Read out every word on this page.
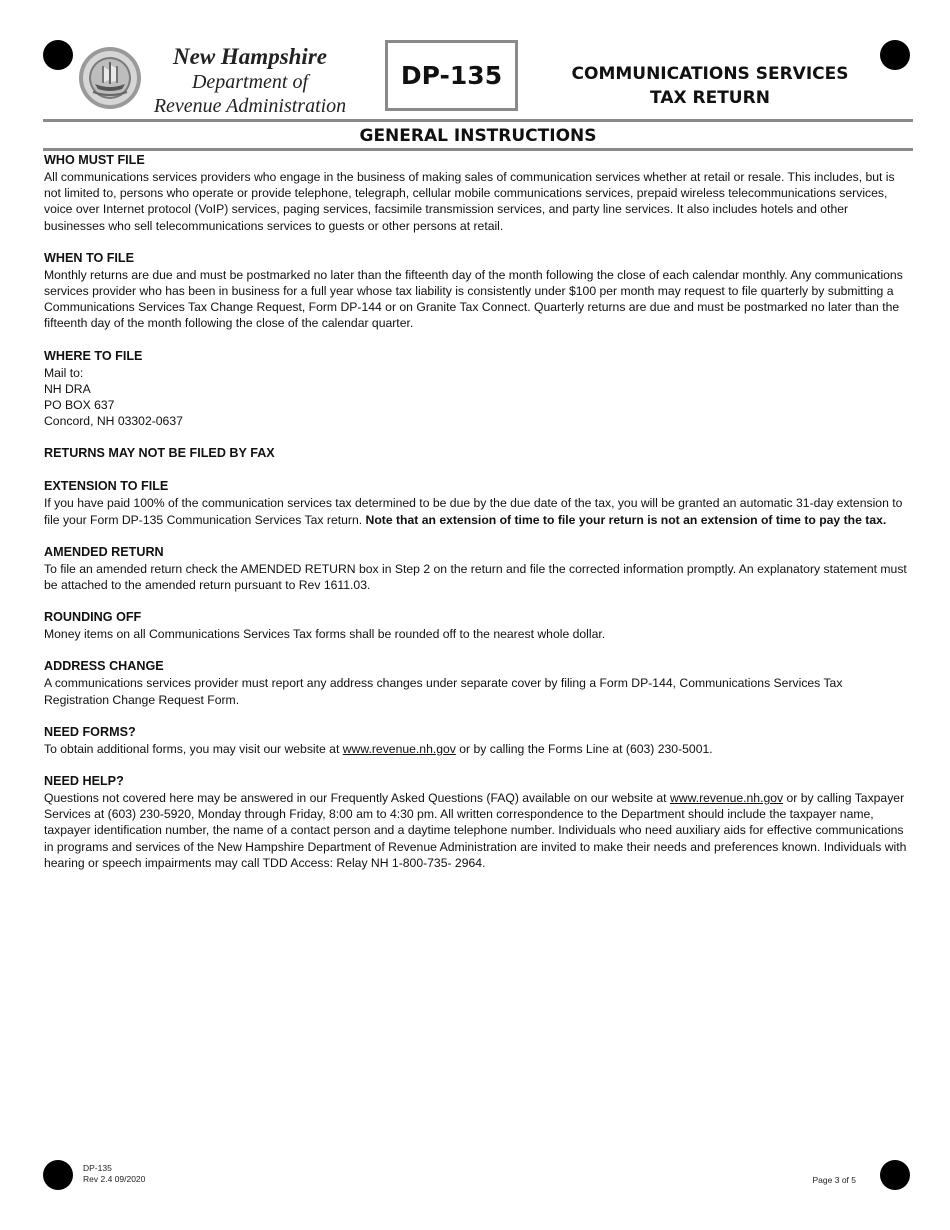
New Hampshire
Department of
Revenue Administration
DP-135	COMMUNICATIONS SERVICES
TAX RETURN
GENERAL INSTRUCTIONS
WHO MUST FILE

All communications services providers who engage in the business of making sales of communication services whether at retail or resale. This includes, but is not limited to, persons who operate or provide telephone, telegraph, cellular mobile communications services, prepaid wireless telecommunications services, voice over Internet protocol (VoIP) services, paging services, facsimile transmission services, and party line services. It also includes hotels and other businesses who sell telecommunications services to guests or other persons at retail.

WHEN TO FILE

Monthly returns are due and must be postmarked no later than the fifteenth day of the month following the close of each calendar monthly. Any communications services provider who has been in business for a full year whose tax liability is consistently under $100 per month may request to file quarterly by submitting a Communications Services Tax Change Request, Form DP-144 or on Granite Tax Connect. Quarterly returns are due and must be postmarked no later than the fifteenth day of the month following the close of the calendar quarter.

WHERE TO FILE
Mail to:
NH DRA
PO BOX 637
Concord, NH 03302-0637
RETURNS MAY NOT BE FILED BY FAX
EXTENSION TO FILE

If you have paid 100% of the communication services tax determined to be due by the due date of the tax, you will be granted an automatic 31-day extension to file your Form DP-135 Communication Services Tax return. Note that an extension of time to file your return is not an extension of time to pay the tax.

AMENDED RETURN

To file an amended return check the AMENDED RETURN box in Step 2 on the return and file the corrected information promptly. An explanatory statement must be attached to the amended return pursuant to Rev 1611.03.

ROUNDING OFF

Money items on all Communications Services Tax forms shall be rounded off to the nearest whole dollar.

ADDRESS CHANGE

A communications services provider must report any address changes under separate cover by filing a Form DP-144, Communications Services Tax Registration Change Request Form.

NEED FORMS?

To obtain additional forms, you may visit our website at www.revenue.nh.gov or by calling the Forms Line at (603) 230-5001.

NEED HELP?

Questions not covered here may be answered in our Frequently Asked Questions (FAQ) available on our website at www.revenue.nh.gov or by calling Taxpayer Services at (603) 230-5920, Monday through Friday, 8:00 am to 4:30 pm. All written correspondence to the Department should include the taxpayer name, taxpayer identification number, the name of a contact person and a daytime telephone number. Individuals who need auxiliary aids for effective communications in programs and services of the New Hampshire Department of Revenue Administration are invited to make their needs and preferences known. Individuals with hearing or speech impairments may call TDD Access: Relay NH 1-800-735- 2964.

DP-135
Rev 2.4 09/2020	Page 3 of 5
